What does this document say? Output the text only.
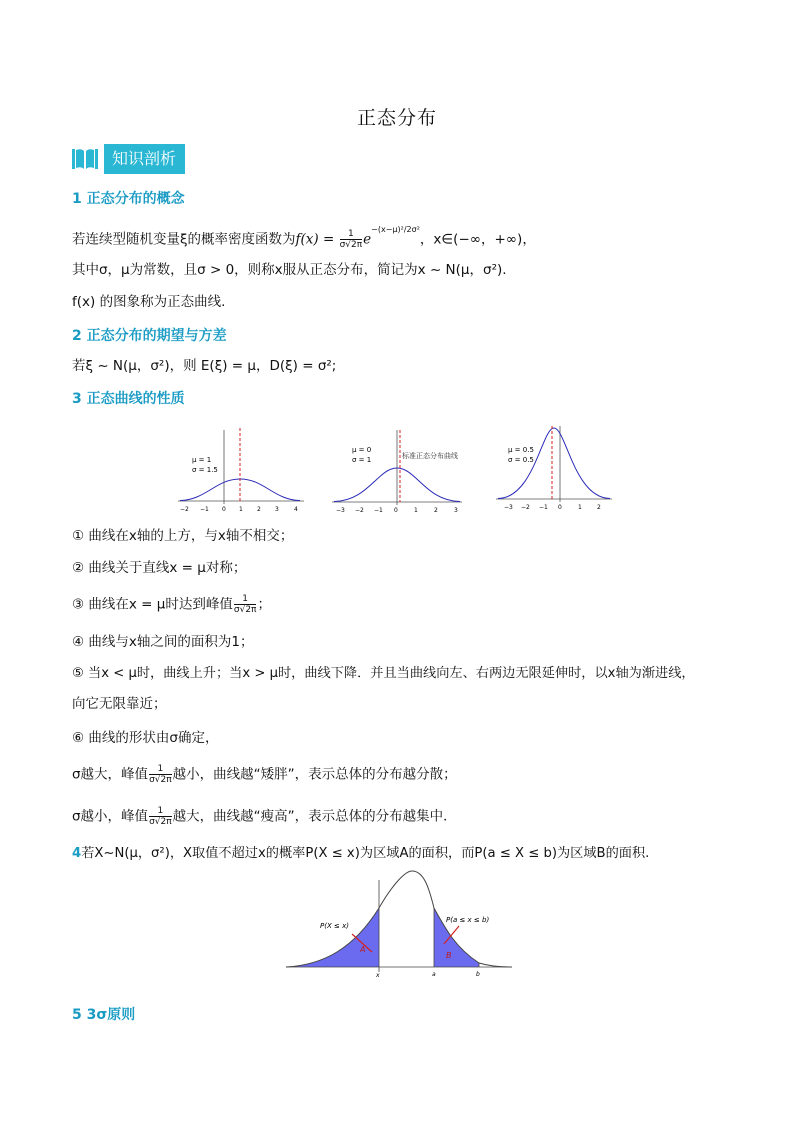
正态分布
知识剖析
1 正态分布的概念
若连续型随机变量ξ的概率密度函数为$f(x) = \frac{1}{\sigma√2\pi} e^{-(x-\mu)^2/2\sigma^2}$，x∈(−∞，+∞)，
其中σ，μ为常数，且σ > 0，则称x服从正态分布，简记为x ~ N(μ，σ²).
f(x) 的图象称为正态曲线.
2 正态分布的期望与方差
若ξ ~ N(μ，σ²)，则 E(ξ) = μ，D(ξ) = σ²;
3 正态曲线的性质
μ = 1
σ = 1.5
−2 −1 0 1 2 3	4
μ = 0
σ = 1	标准正态分布曲线
−3 −2 −1 0	1	2	3
μ = 0.5
σ = 0.5
−3 −2 −1 0	1	2
① 曲线在x轴的上方，与x轴不相交；
② 曲线关于直线x = μ对称；
③ 曲线在x = μ时达到峰值 $\frac{1}{\sigma√2\pi}$ ；
④ 曲线与x轴之间的面积为1；
⑤ 当x < μ时，曲线上升；当x > μ时，曲线下降．并且当曲线向左、右两边无限延伸时，以x轴为渐进线，
向它无限靠近；
⑥ 曲线的形状由σ确定，
σ越大，峰值 $\frac{1}{\sigma√2\pi}$ 越小，曲线越“矮胖”，表示总体的分布越分散；
σ越小，峰值 $\frac{1}{\sigma√2\pi}$ 越大，曲线越“瘦高”，表示总体的分布越集中．
4若X~N(μ，σ²)，X取值不超过x的概率P(X ≤ x)为区域A的面积，而P(a ≤ X ≤ b)为区域B的面积.
P(X ≤ x)
P(a ≤ x ≤ b)
A
B
x	a	b
5 3σ原则
